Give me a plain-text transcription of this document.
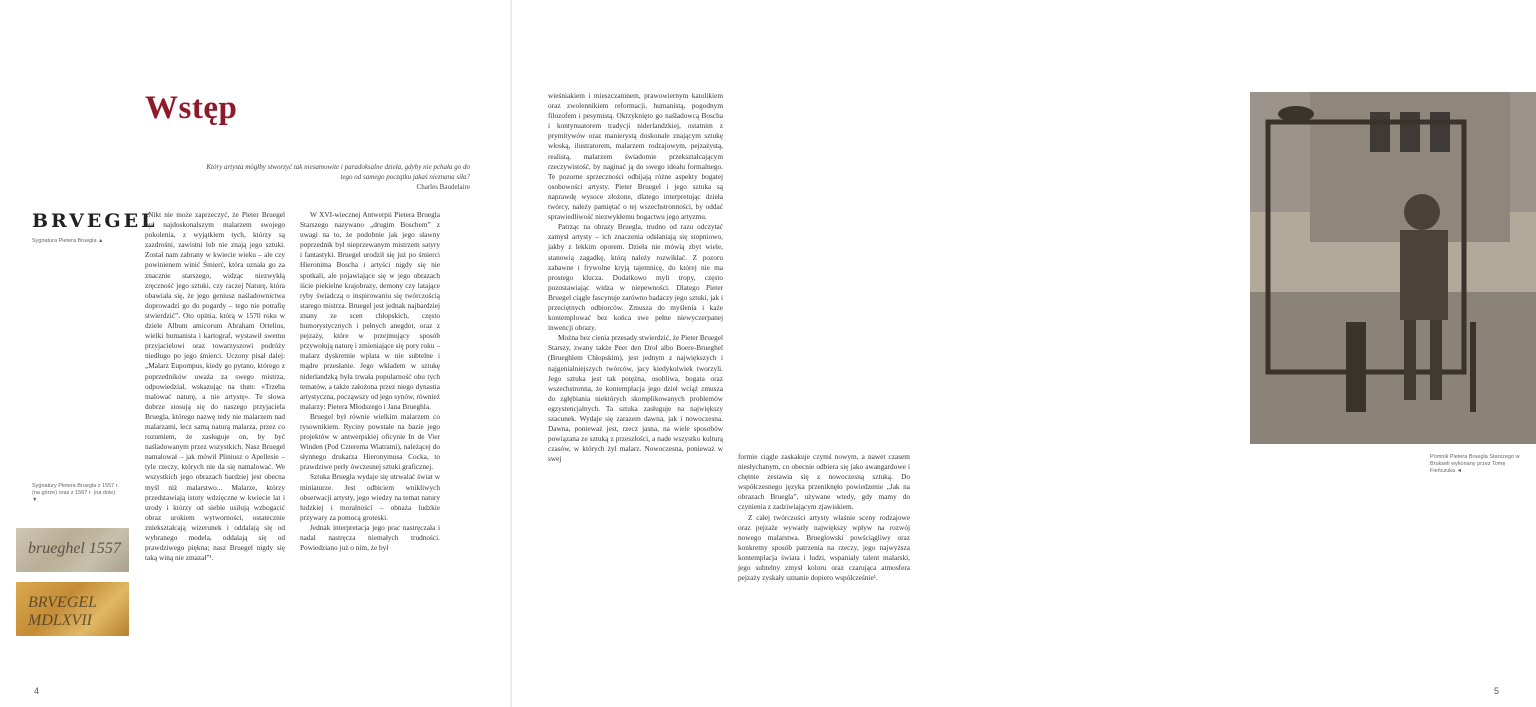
Wstęp
Który artysta mógłby stworzyć tak niesamowite i paradoksalne dzieła, gdyby nie pchała go do tego od samego początku jakaś nieznana siła?
Charles Baudelaire
BRVEGEL
Sygnatura Pietera Bruegla ▲

„Nikt nie może zaprzeczyć, że Pieter Bruegel był najdoskonalszym malarzem swojego pokolenia, z wyjątkiem tych, którzy są zazdrośni, zawistni lub nie znają jego sztuki. Został nam zabrany w kwiecie wieku – ale czy powinienem winić Śmierć, która uznała go za znacznie starszego, widząc niezwykłą zręczność jego sztuki, czy raczej Naturę, która obawiała się, że jego geniusz naśladownictwa doprowadzi go do pogardy – tego nie potrafię stwierdzić”. Oto opinia, którą w 1570 roku w dziele Album amicorum Abraham Ortelius, wielki humanista i kartograf, wystawił swemu przyjacielowi oraz towarzyszowi podróży niedługo po jego śmierci. Uczony pisał dalej: „Malarz Eupompus, kiedy go pytano, którego z poprzedników uważa za swego mistrza, odpowiedział, wskazując na tłum: «Trzeba malować naturę, a nie artystę». Te słowa dobrze stosują się do naszego przyjaciela Bruegla, którego nazwę tedy nie malarzem nad malarzami, lecz samą naturą malarza, przez co rozumiem, że zasługuje on, by być naśladowanym przez wszystkich. Nasz Bruegel namalował – jak mówił Pliniusz o Apellesie – tyle rzeczy, których nie da się namalować. We wszystkich jego obrazach bardziej jest obecna myśl niż malarstwo... Malarze, którzy przedstawiają istoty wdzięczne w kwiecie lat i urody i którzy od siebie usiłują wzbogacić obraz urokiem wytworności, ostatecznie zniekształcają wizerunek i oddalają się od wybranego modela, oddalają się od prawdziwego piękna; nasz Bruegel nigdy się taką winą nie zmazał”¹.

W XVI-wiecznej Antwerpii Pietera Bruegla Starszego nazywano „drugim Boschem” z uwagi na to, że podobnie jak jego sławny poprzednik był nieprzewanym mistrzem satyry i fantastyki. Bruegel urodził się już po śmierci Hieronima Boscha i artyści nigdy się nie spotkali, ale pojawiające się w jego obrazach iście piekielne krajobrazy, demony czy latające ryby świadczą o inspirowaniu się twórczością starego mistrza. Bruegel jest jednak najbardziej znany ze scen chłopskich, często humorystycznych i pełnych anegdot, oraz z pejzaży, które w przejmujący sposób przywołują naturę i zmieniające się pory roku – malarz dyskretnie wplata w nie subtelne i mądre przesłanie. Jego wkładem w sztukę niderlandzką była trwała popularność obu tych tematów, a także założona przez niego dynastia artystyczna, począwszy od jego synów, również malarzy: Pietera Młodszego i Jana Brueghla.

Bruegel był równie wielkim malarzem co rysownikiem. Ryciny powstałe na bazie jego projektów w antwerpskiej oficynie In de Vier Winden (Pod Czterema Wiatrami), należącej do słynnego drukarza Hieronymusa Cocka, to prawdziwe perły ówczesnej sztuki graficznej.

Sztuka Bruegla wydaje się utrwalać świat w miniaturze. Jest odbiciem wnikliwych obserwacji artysty, jego wiedzy na temat natury ludzkiej i moralności – obnaża ludzkie przywary za pomocą groteski.

Jednak interpretacja jego prac nastręczała i nadal nastręcza niemałych trudności. Powiedziano już o nim, że był

Sygnatury Pietera Bruegla z 1557 r. (na górze) oraz z 1567 r. (na dole) ▼
brueghel 1557
BRVEGEL MDLXVII
4
Pomnik Pietera Bruegla Starszego w Brukseli wykonany przez Tomę Fieńczuka ◄
5

wieśniakiem i mieszczaninem, prawowiernym katolikiem oraz zwolennikiem reformacji, humanistą, pogodnym filozofem i pesymistą. Okrzyknięto go naśladowcą Boscha i kontynuatorem tradycji niderlandzkiej, ostatnim z prymitywów oraz manierystą doskonale znającym sztukę włoską, ilustratorem, malarzem rodzajowym, pejzażystą, realistą, malarzem świadomie przekształcającym rzeczywistość, by naginać ją do swego ideału formalnego. Te pozorne sprzeczności odbijają różne aspekty bogatej osobowości artysty. Pieter Bruegel i jego sztuka są naprawdę wysoce złożone, dlatego interpretując dzieła twórcy, należy pamiętać o tej wszechstronności, by oddać sprawiedliwość niezwykłemu bogactwu jego artyzmu.

Patrząc na obrazy Bruegla, trudno od razu odczytać zamysł artysty – ich znaczenia odsłaniają się stopniowo, jakby z lekkim oporem. Dzieła nie mówią zbyt wiele, stanowią zagadkę, którą należy rozwikłać. Z pozoru zabawne i frywolne kryją tajemnicę, do której nie ma prostego klucza. Dodatkowo myli tropy, często pozostawiając widza w niepewności. Dlatego Pieter Bruegel ciągle fascynuje zarówno badaczy jego sztuki, jak i przeciętnych odbiorców. Zmusza do myślenia i każe kontemplować bez końca swe pełne niewyczerpanej inwencji obrazy.

Można bez cienia przesady stwierdzić, że Pieter Bruegel Starszy, zwany także Peer den Drol albo Boere-Brueghel (Brueghlem Chłopskim), jest jednym z największych i najgenialniejszych twórców, jacy kiedykolwiek tworzyli. Jego sztuka jest tak potężna, osobliwa, bogata oraz wszechstronna, że kontemplacja jego dzieł wciąż zmusza do zgłębiania niektórych skomplikowanych problemów egzystencjalnych. Ta sztuka zasługuje na największy szacunek. Wydaje się zarazem dawna, jak i nowoczesna. Dawna, ponieważ jest, rzecz jasna, na wiele sposobów powiązana ze sztuką z przeszłości, a nade wszystko kulturą czasów, w których żył malarz. Nowoczesna, ponieważ w swej	formie ciągle zaskakuje czymś nowym, a nawet czasem niesłychanym, co obecnie odbiera się jako awangardowe i chętnie zestawia się z nowoczesną sztuką. Do współczesnego języka przeniknęło powiedzenie „Jak na obrazach Bruegla”, używane wtedy, gdy mamy do czynienia z zadziwiającym zjawiskiem.

Z całej twórczości artysty właśnie sceny rodzajowe oraz pejzaże wywarły największy wpływ na rozwój nowego malarstwa. Brueglowski powściągliwy oraz konkretny sposób patrzenia na rzeczy, jego najwyższa kontemplacja świata i ludzi, wspaniały talent malarski, jego subtelny zmysł koloru oraz czarująca atmosfera pejzaży zyskały uznanie dopiero współcześnie¹.
